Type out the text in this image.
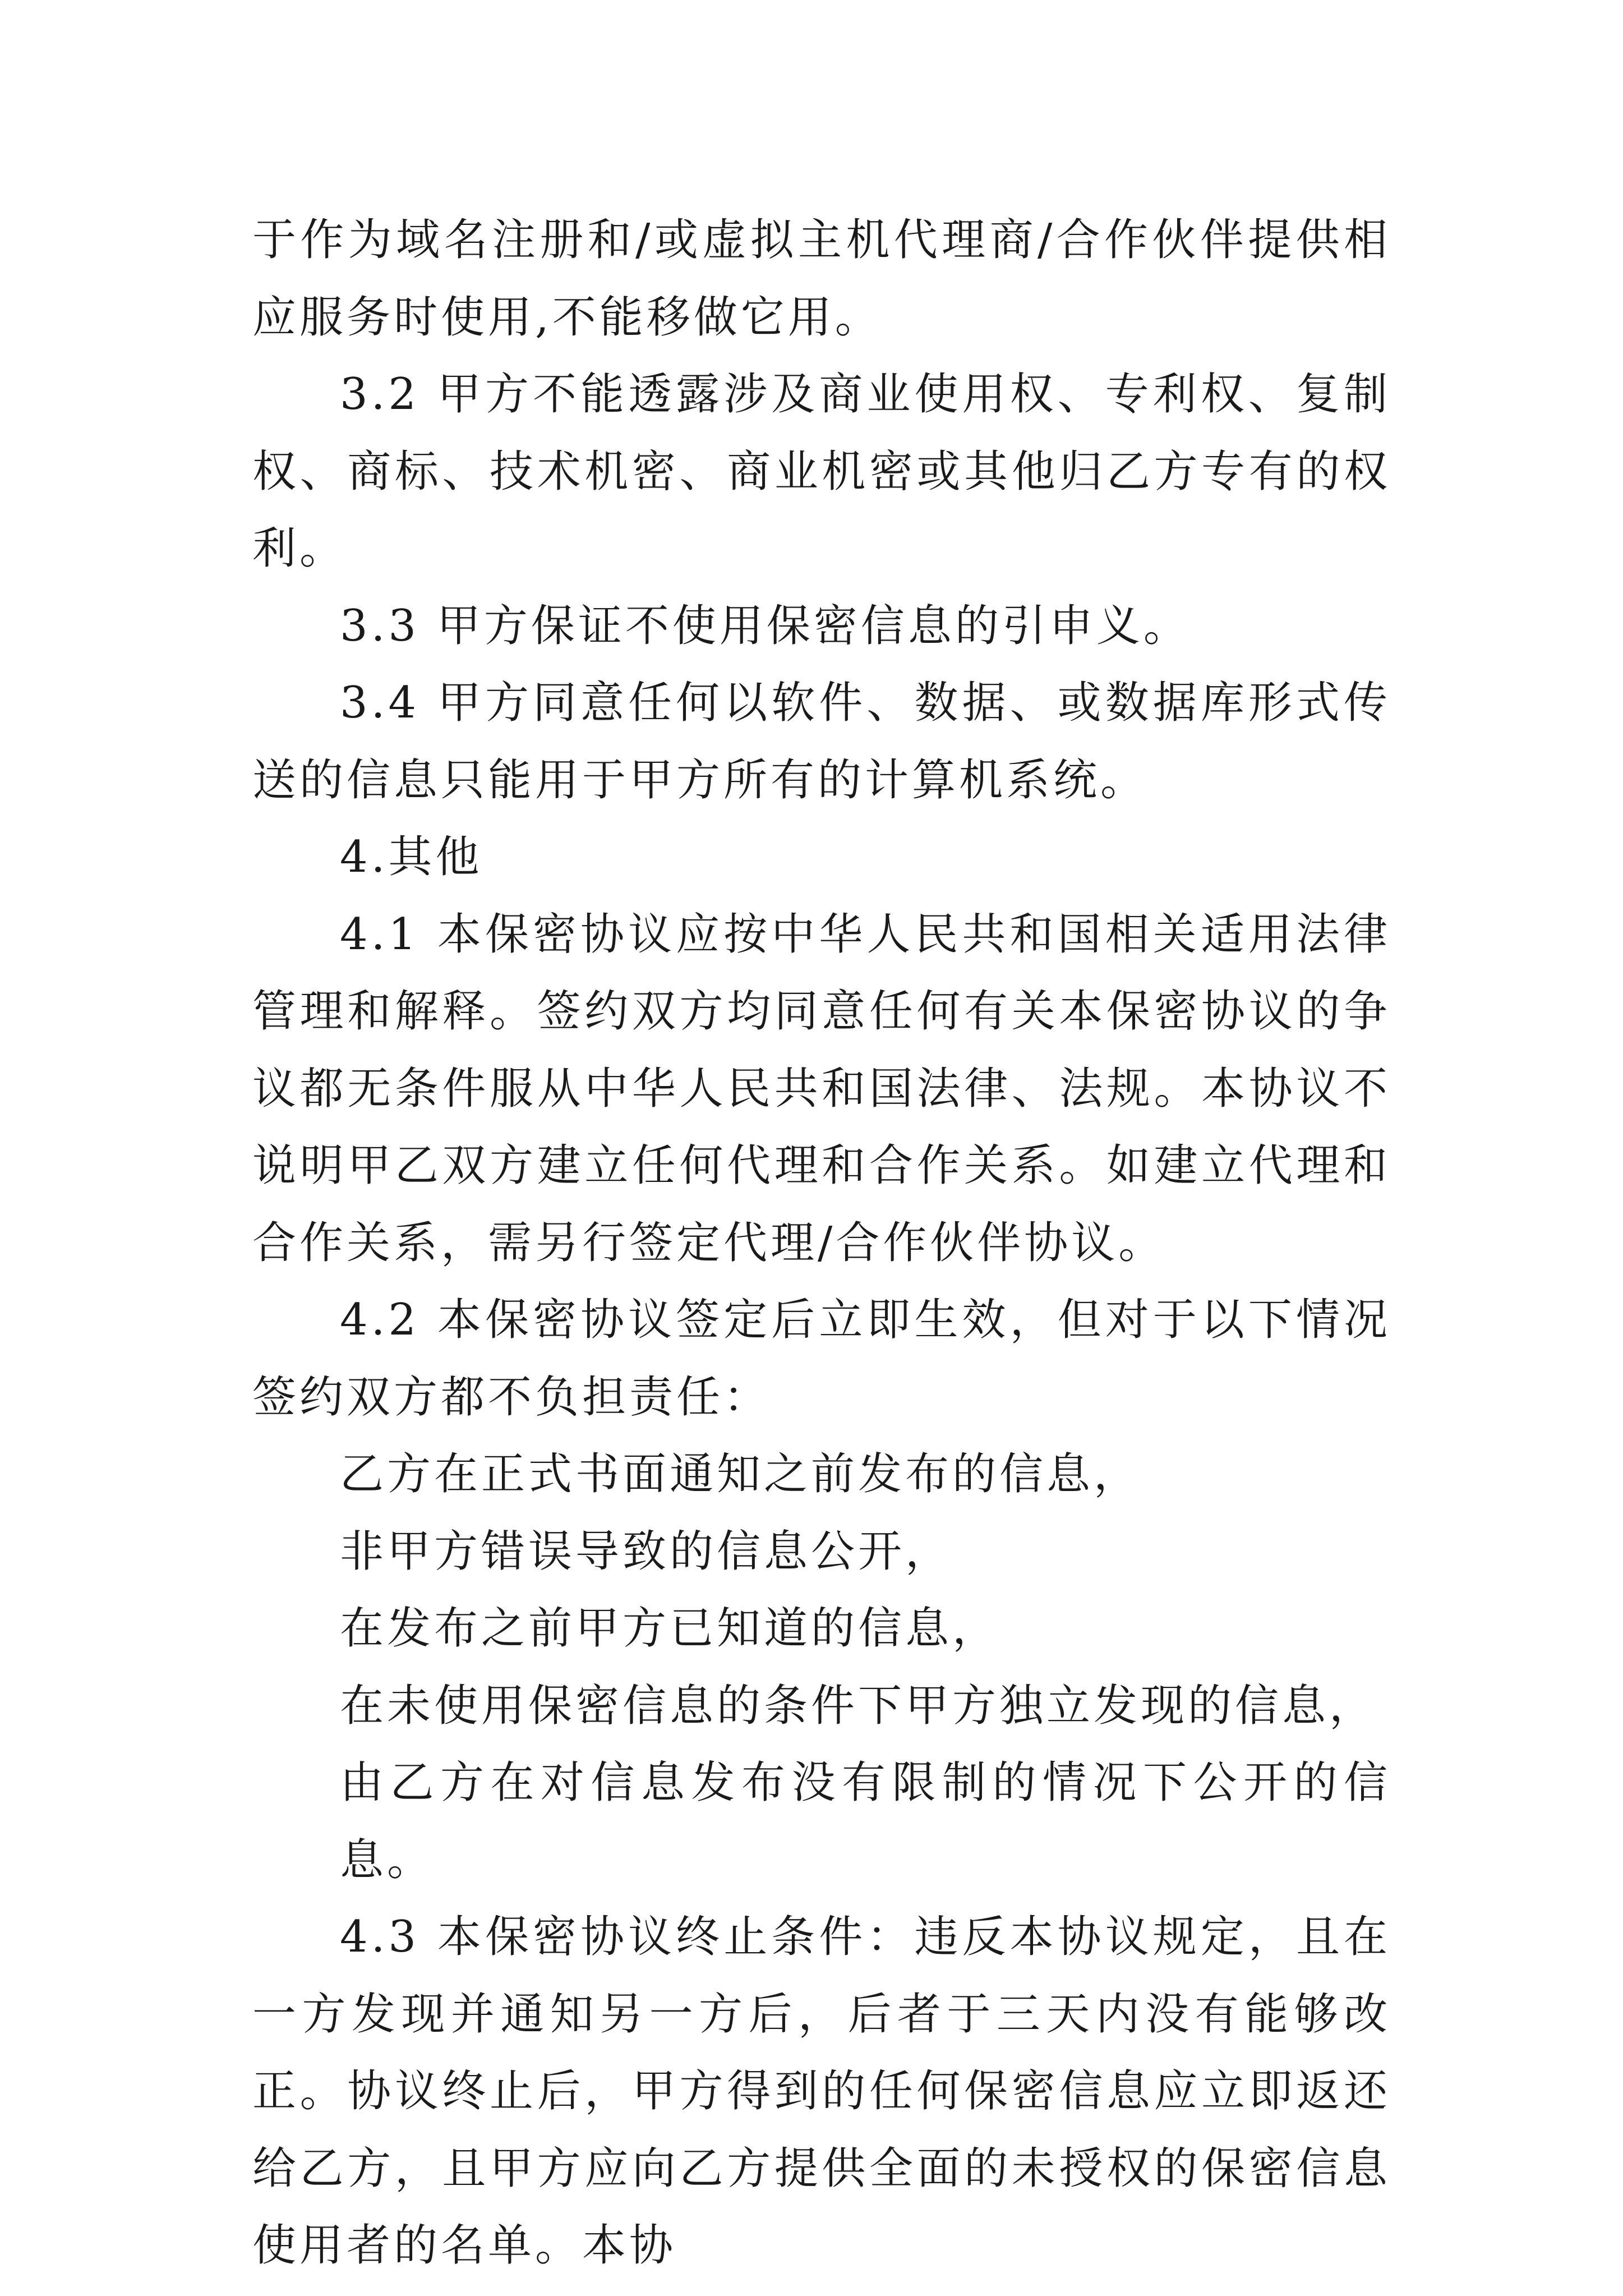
于作为域名注册和/或虚拟主机代理商/合作伙伴提供相应服务时使用,不能移做它用。

3.2 甲方不能透露涉及商业使用权、专利权、复制权、商标、技术机密、商业机密或其他归乙方专有的权利。

3.3 甲方保证不使用保密信息的引申义。

3.4 甲方同意任何以软件、数据、或数据库形式传送的信息只能用于甲方所有的计算机系统。

4.其他

4.1 本保密协议应按中华人民共和国相关适用法律管理和解释。签约双方均同意任何有关本保密协议的争议都无条件服从中华人民共和国法律、法规。本协议不说明甲乙双方建立任何代理和合作关系。如建立代理和合作关系，需另行签定代理/合作伙伴协议。

4.2 本保密协议签定后立即生效，但对于以下情况签约双方都不负担责任：

乙方在正式书面通知之前发布的信息，

非甲方错误导致的信息公开，

在发布之前甲方已知道的信息，

在未使用保密信息的条件下甲方独立发现的信息，

由乙方在对信息发布没有限制的情况下公开的信息。

4.3 本保密协议终止条件：违反本协议规定，且在一方发现并通知另一方后，后者于三天内没有能够改正。协议终止后，甲方得到的任何保密信息应立即返还给乙方，且甲方应向乙方提供全面的未授权的保密信息使用者的名单。本协
